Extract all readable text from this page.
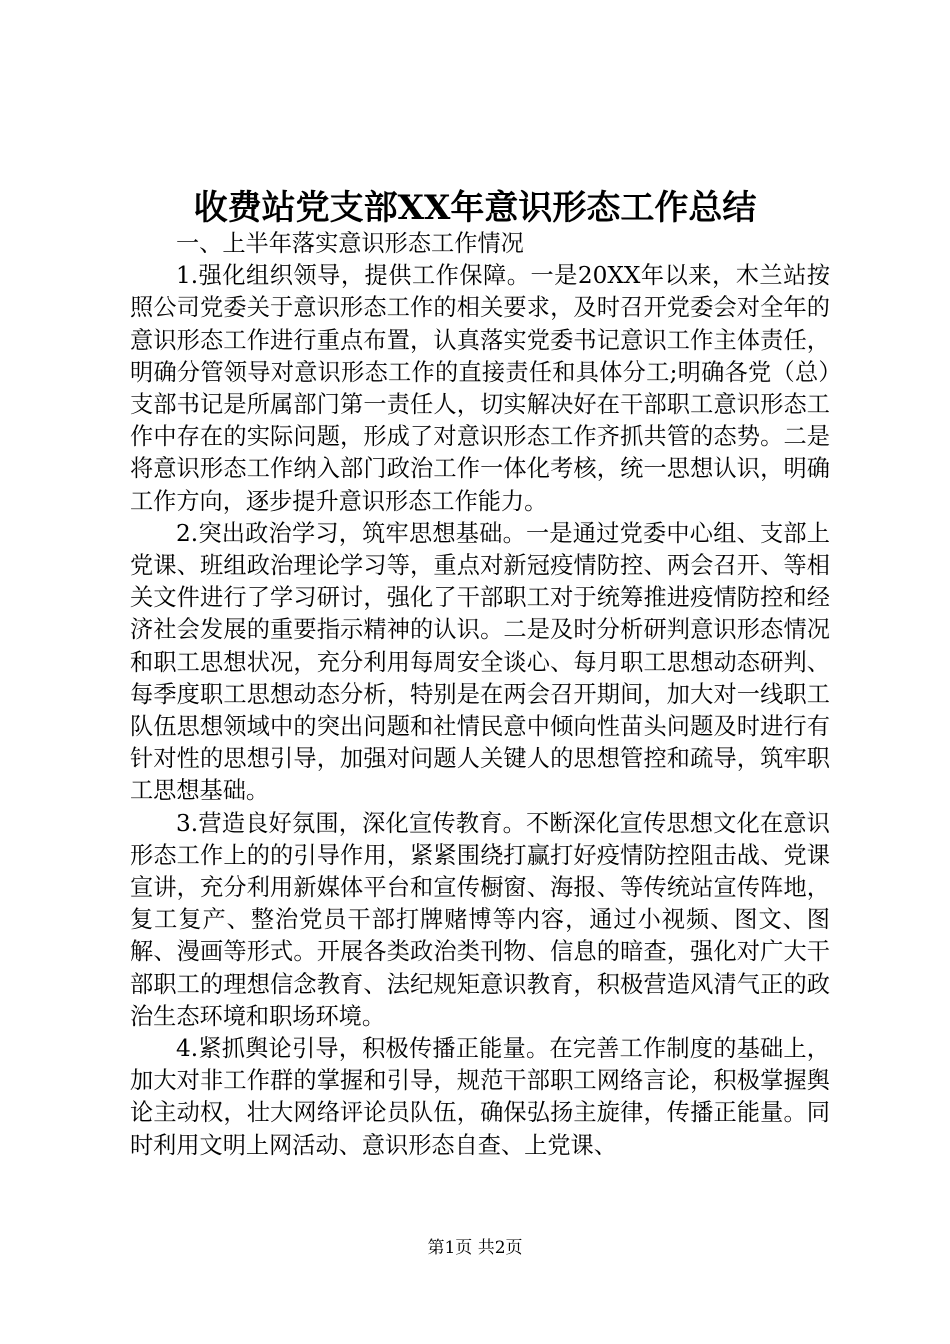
收费站党支部XX年意识形态工作总结

一、上半年落实意识形态工作情况

1.强化组织领导，提供工作保障。一是20XX年以来，木兰站按照公司党委关于意识形态工作的相关要求，及时召开党委会对全年的意识形态工作进行重点布置，认真落实党委书记意识工作主体责任，明确分管领导对意识形态工作的直接责任和具体分工;明确各党（总）支部书记是所属部门第一责任人，切实解决好在干部职工意识形态工作中存在的实际问题，形成了对意识形态工作齐抓共管的态势。二是将意识形态工作纳入部门政治工作一体化考核，统一思想认识，明确工作方向，逐步提升意识形态工作能力。

2.突出政治学习，筑牢思想基础。一是通过党委中心组、支部上党课、班组政治理论学习等，重点对新冠疫情防控、两会召开、等相关文件进行了学习研讨，强化了干部职工对于统筹推进疫情防控和经济社会发展的重要指示精神的认识。二是及时分析研判意识形态情况和职工思想状况，充分利用每周安全谈心、每月职工思想动态研判、每季度职工思想动态分析，特别是在两会召开期间，加大对一线职工队伍思想领域中的突出问题和社情民意中倾向性苗头问题及时进行有针对性的思想引导，加强对问题人关键人的思想管控和疏导，筑牢职工思想基础。

3.营造良好氛围，深化宣传教育。不断深化宣传思想文化在意识形态工作上的的引导作用，紧紧围绕打赢打好疫情防控阻击战、党课宣讲，充分利用新媒体平台和宣传橱窗、海报、等传统站宣传阵地，复工复产、整治党员干部打牌赌博等内容，通过小视频、图文、图解、漫画等形式。开展各类政治类刊物、信息的暗查，强化对广大干部职工的理想信念教育、法纪规矩意识教育，积极营造风清气正的政治生态环境和职场环境。

4.紧抓舆论引导，积极传播正能量。在完善工作制度的基础上，加大对非工作群的掌握和引导，规范干部职工网络言论，积极掌握舆论主动权，壮大网络评论员队伍，确保弘扬主旋律，传播正能量。同时利用文明上网活动、意识形态自查、上党课、

第1页 共2页
